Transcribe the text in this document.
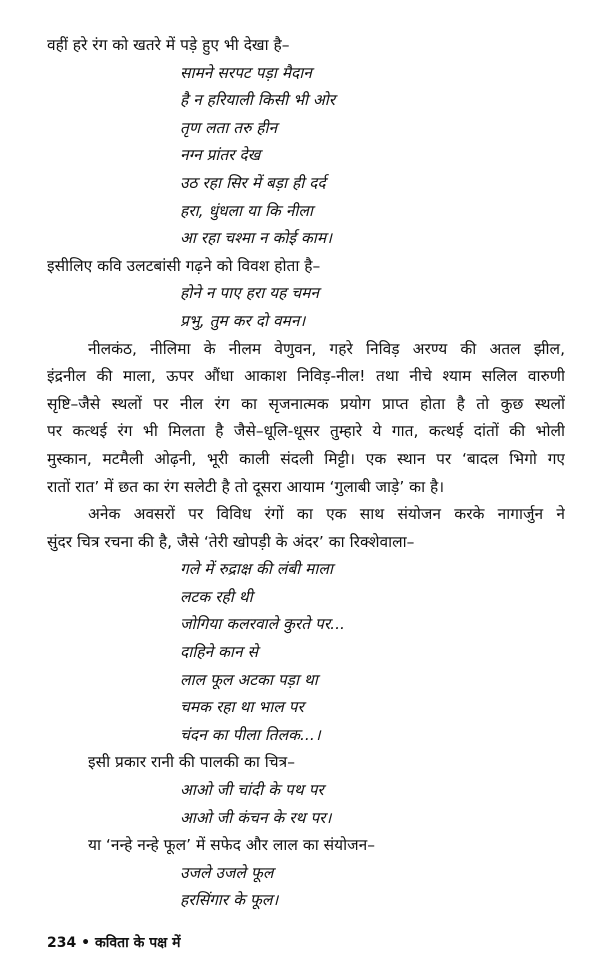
वहीं हरे रंग को खतरे में पड़े हुए भी देखा है–
सामने सरपट पड़ा मैदान
है न हरियाली किसी भी ओर
तृण लता तरु हीन
नग्न प्रांतर देख
उठ रहा सिर में बड़ा ही दर्द
हरा, धुंधला या कि नीला
आ रहा चश्मा न कोई काम।
इसीलिए कवि उलटबांसी गढ़ने को विवश होता है–
होने न पाए हरा यह चमन
प्रभु, तुम कर दो वमन।
नीलकंठ, नीलिमा के नीलम वेणुवन, गहरे निविड़ अरण्य की अतल झील,
इंद्रनील की माला, ऊपर औंधा आकाश निविड़-नील! तथा नीचे श्याम सलिल वारुणी
सृष्टि–जैसे स्थलों पर नील रंग का सृजनात्मक प्रयोग प्राप्त होता है तो कुछ स्थलों
पर कत्थई रंग भी मिलता है जैसे–धूलि-धूसर तुम्हारे ये गात, कत्थई दांतों की भोली
मुस्कान, मटमैली ओढ़नी, भूरी काली संदली मिट्टी। एक स्थान पर ‘बादल भिगो गए
रातों रात’ में छत का रंग सलेटी है तो दूसरा आयाम ‘गुलाबी जाड़े’ का है।
अनेक अवसरों पर विविध रंगों का एक साथ संयोजन करके नागार्जुन ने
सुंदर चित्र रचना की है, जैसे ‘तेरी खोपड़ी के अंदर’ का रिक्शेवाला–
गले में रुद्राक्ष की लंबी माला
लटक रही थी
जोगिया कलरवाले कुरते पर...
दाहिने कान से
लाल फूल अटका पड़ा था
चमक रहा था भाल पर
चंदन का पीला तिलक...।
इसी प्रकार रानी की पालकी का चित्र–
आओ जी चांदी के पथ पर
आओ जी कंचन के रथ पर।
या ‘नन्हे नन्हे फूल’ में सफेद और लाल का संयोजन–
उजले उजले फूल
हरसिंगार के फूल।
234 • कविता के पक्ष में
